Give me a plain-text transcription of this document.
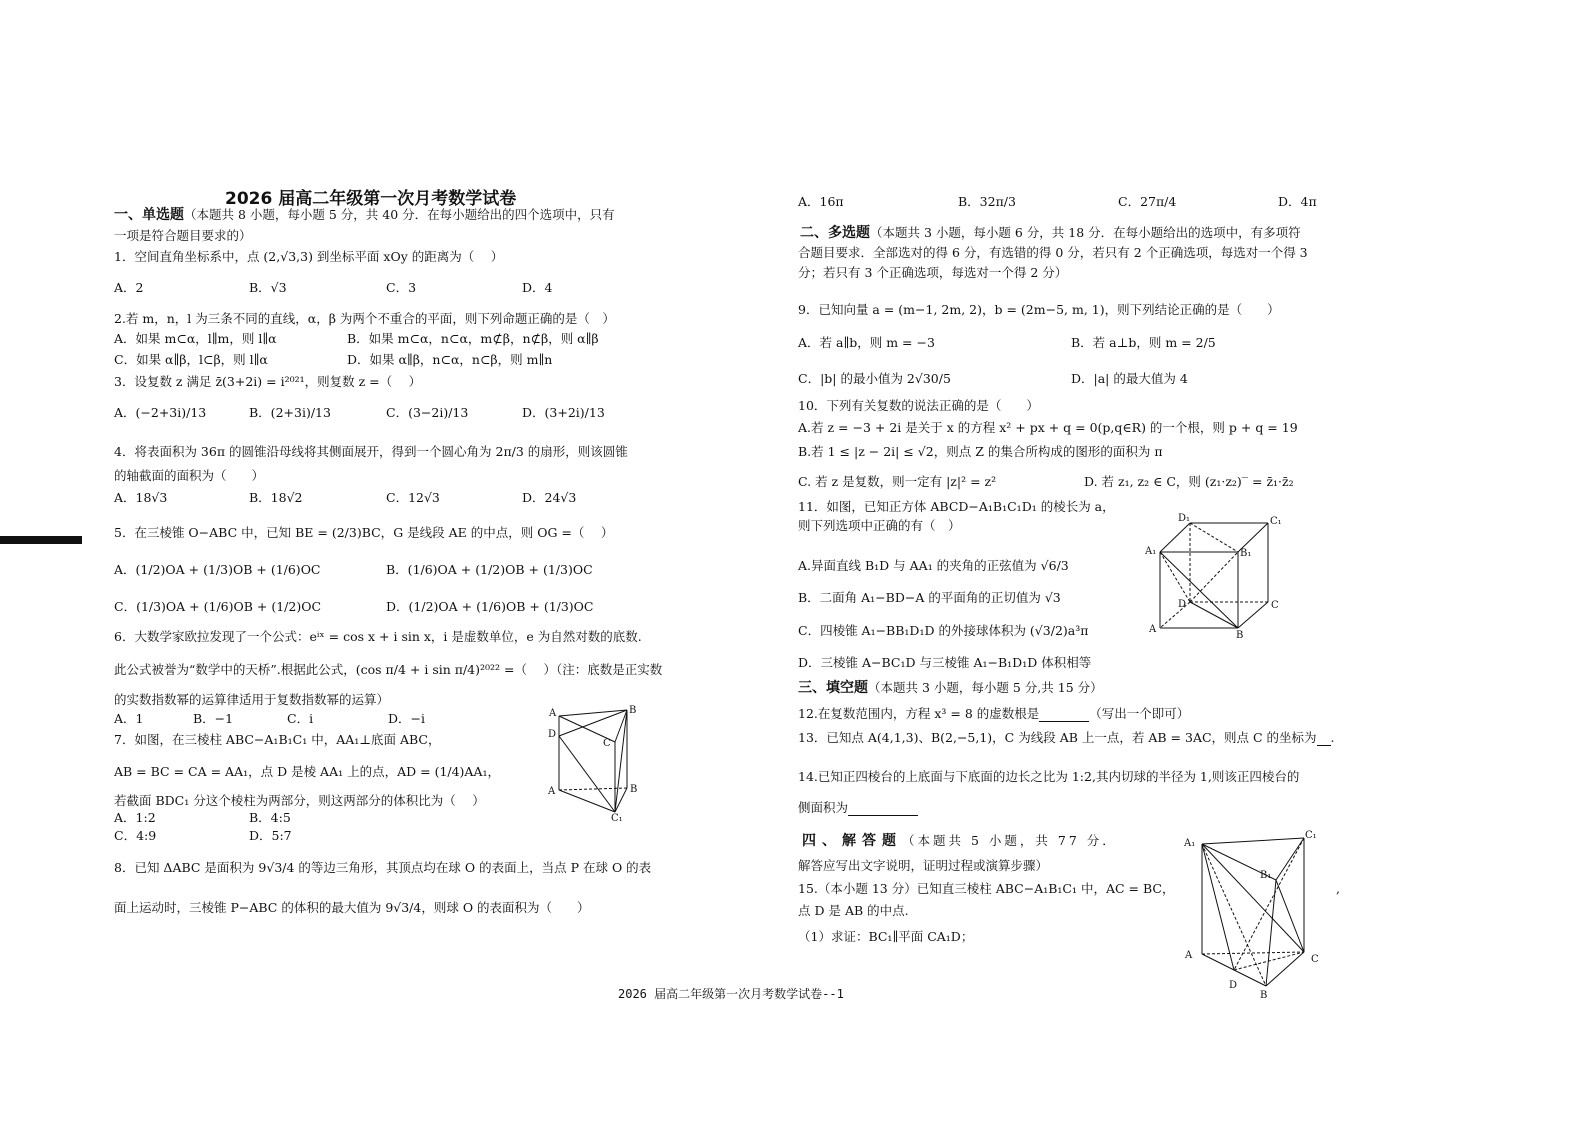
2026 届高二年级第一次月考数学试卷
一、单选题（本题共 8 小题，每小题 5 分，共 40 分．在每小题给出的四个选项中，只有
一项是符合题目要求的）
1．空间直角坐标系中，点 (2,√3,3) 到坐标平面 xOy 的距离为（　 ）
A．2	B．√3	C．3	D．4
2.若 m，n，l 为三条不同的直线，α，β 为两个不重合的平面，则下列命题正确的是（　）
A．如果 m⊂α，l∥m，则 l∥α	B．如果 m⊂α，n⊂α，m⊄β，n⊄β，则 α∥β
C．如果 α∥β，l⊂β，则 l∥α	D．如果 α∥β，n⊂α，n⊂β，则 m∥n
3．设复数 z 满足 z̄(3+2i) = i²⁰²¹，则复数 z =（　 ）
A．(−2+3i)/13	B．(2+3i)/13	C．(3−2i)/13	D．(3+2i)/13
4．将表面积为 36π 的圆锥沿母线将其侧面展开，得到一个圆心角为 2π/3 的扇形，则该圆锥
的轴截面的面积为（　　）
A．18√3	B．18√2	C．12√3	D．24√3
5．在三棱锥 O−ABC 中，已知 BE = (2/3)BC，G 是线段 AE 的中点，则 OG =（　 ）
A．(1/2)OA + (1/3)OB + (1/6)OC	B．(1/6)OA + (1/2)OB + (1/3)OC
C．(1/3)OA + (1/6)OB + (1/2)OC	D．(1/2)OA + (1/6)OB + (1/3)OC
6．大数学家欧拉发现了一个公式：eⁱˣ = cos x + i sin x，i 是虚数单位，e 为自然对数的底数.
此公式被誉为“数学中的天桥”.根据此公式，(cos π/4 + i sin π/4)²⁰²² =（　 ）（注：底数是正实数
的实数指数幂的运算律适用于复数指数幂的运算）
A．1	B．−1	C．i	D．−i
7．如图，在三棱柱 ABC−A₁B₁C₁ 中，AA₁⊥底面 ABC，
AB = BC = CA = AA₁，点 D 是棱 AA₁ 上的点，AD = (1/4)AA₁，
若截面 BDC₁ 分这个棱柱为两部分，则这两部分的体积比为（　 ）
A．1:2	B．4:5
C．4:9	D．5:7
A	B
C
D
A	B
C₁
8．已知 ΔABC 是面积为 9√3/4 的等边三角形，其顶点均在球 O 的表面上，当点 P 在球 O 的表
面上运动时，三棱锥 P−ABC 的体积的最大值为 9√3/4，则球 O 的表面积为（　　）
A．16π	B．32π/3	C．27π/4	D．4π
二、多选题（本题共 3 小题，每小题 6 分，共 18 分．在每小题给出的选项中，有多项符
合题目要求．全部选对的得 6 分，有选错的得 0 分，若只有 2 个正确选项，每选对一个得 3
分；若只有 3 个正确选项，每选对一个得 2 分）
9．已知向量 a = (m−1, 2m, 2)，b = (2m−5, m, 1)，则下列结论正确的是（　　）
A．若 a∥b，则 m = −3	B．若 a⊥b，则 m = 2/5
C．|b| 的最小值为 2√30/5	D．|a| 的最大值为 4
10．下列有关复数的说法正确的是（　　）
A.若 z = −3 + 2i 是关于 x 的方程 x² + px + q = 0(p,q∈R) 的一个根，则 p + q = 19
B.若 1 ≤ |z − 2i| ≤ √2，则点 Z 的集合所构成的图形的面积为 π
C. 若 z 是复数，则一定有 |z|² = z²	D. 若 z₁, z₂ ∈ C，则 (z₁·z₂)‾ = z̄₁·z̄₂
11．如图，已知正方体 ABCD−A₁B₁C₁D₁ 的棱长为 a，
则下列选项中正确的有（　）
A.异面直线 B₁D 与 AA₁ 的夹角的正弦值为 √6/3
B．二面角 A₁−BD−A 的平面角的正切值为 √3
C．四棱锥 A₁−BB₁D₁D 的外接球体积为 (√3/2)a³π
D．三棱锥 A−BC₁D 与三棱锥 A₁−B₁D₁D 体积相等
D₁	C₁
A₁	B₁
D	C
A
B
三、填空题（本题共 3 小题，每小题 5 分,共 15 分）
12.在复数范围内，方程 x³ = 8 的虚数根是	（写出一个即可）
13．已知点 A(4,1,3)、B(2,−5,1)，C 为线段 AB 上一点，若 AB = 3AC，则点 C 的坐标为 .
14.已知正四棱台的上底面与下底面的边长之比为 1:2,其内切球的半径为 1,则该正四棱台的
侧面积为
四、解答题（本题共 5 小题，共 77 分．
解答应写出文字说明，证明过程或演算步骤）
15.（本小题 13 分）已知直三棱柱 ABC−A₁B₁C₁ 中，AC = BC，	,
点 D 是 AB 的中点.
（1）求证：BC₁∥平面 CA₁D；
A₁
C₁
B₁
A	C
D
B
2026 届高二年级第一次月考数学试卷--1
